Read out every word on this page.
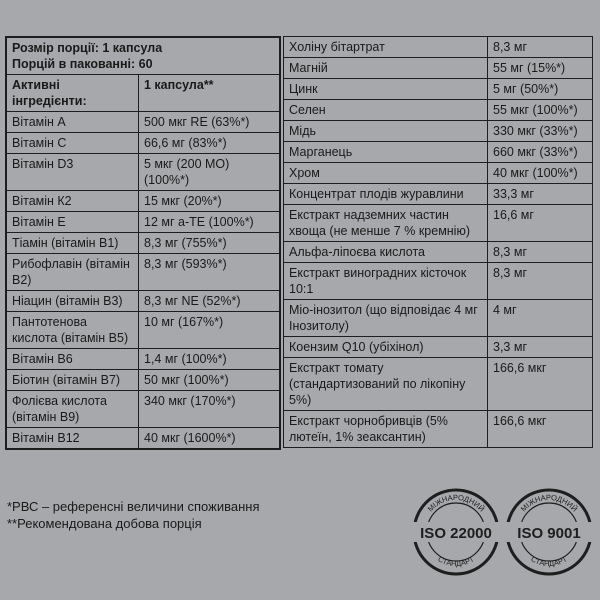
Розмір порції: 1 капсула
Порцій в пакованні: 60	

Активні інгредієнти:	1 капсула**
Вітамін А	500 мкг RE (63%*)
Вітамін С	66,6 мг (83%*)
Вітамін D3	5 мкг (200 МО) (100%*)
Вітамін К2	15 мкг (20%*)
Вітамін Е	12 мг a-TE (100%*)
Тіамін (вітамін В1)	8,3 мг (755%*)
Рибофлавін (вітамін В2)	8,3 мг (593%*)
Ніацин (вітамін В3)	8,3 мг NE (52%*)
Пантотенова кислота (вітамін В5)	10 мг (167%*)
Вітамін В6	1,4 мг (100%*)
Біотин (вітамін В7)	50 мкг (100%*)
Фолієва кислота (вітамін В9)	340 мкг (170%*)
Вітамін В12	40 мкг (1600%*)
Холіну бітартрат	8,3 мг
Магній	55 мг (15%*)
Цинк	5 мг (50%*)
Селен	55 мкг (100%*)
Мідь	330 мкг (33%*)
Марганець	660 мкг (33%*)
Хром	40 мкг (100%*)
Концентрат плодів журавлини	33,3 мг
Екстракт надземних частин хвоща (не менше 7 % кремнію)	16,6 мг
Альфа-ліпоєва кислота	8,3 мг
Екстракт виноградних кісточок 10:1	8,3 мг
Міо-інозитол (що відповідає 4 мг Інозитолу)	4 мг
Коензим Q10 (убіхінол)	3,3 мг
Екстракт томату (стандартизований по лікопіну 5%)	166,6 мкг
Екстракт чорнобривців (5% лютеїн, 1% зеаксантин)	166,6 мкг
*РВС – референсні величини споживання
**Рекомендована добова порція
МІЖНАРОДНИЙ
СТАНДАРТ
ISO 22000
МІЖНАРОДНИЙ
СТАНДАРТ
ISO 9001
